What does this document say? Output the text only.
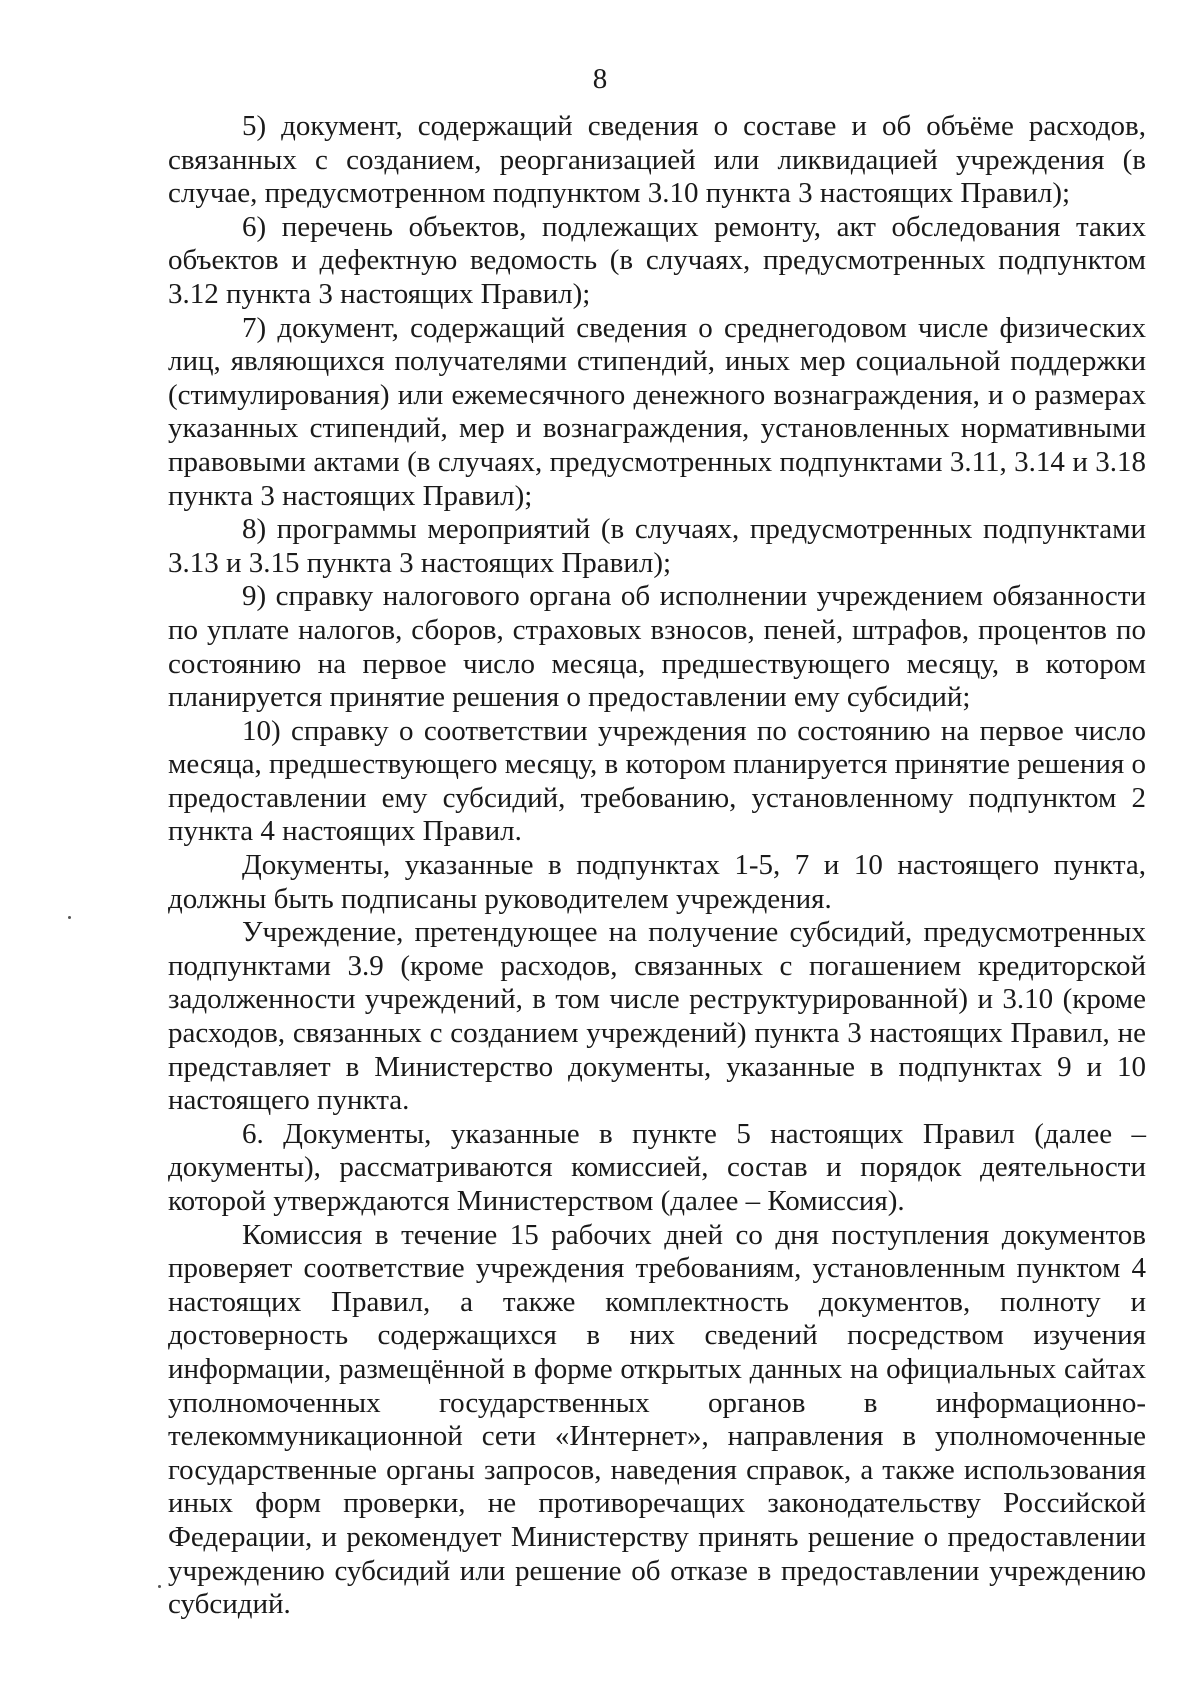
8

5) документ, содержащий сведения о составе и об объёме расходов, связанных с созданием, реорганизацией или ликвидацией учреждения (в случае, предусмотренном подпунктом 3.10 пункта 3 настоящих Правил);

6) перечень объектов, подлежащих ремонту, акт обследования таких объектов и дефектную ведомость (в случаях, предусмотренных подпунктом 3.12 пункта 3 настоящих Правил);

7) документ, содержащий сведения о среднегодовом числе физических лиц, являющихся получателями стипендий, иных мер социальной поддержки (стимулирования) или ежемесячного денежного вознаграждения, и о размерах указанных стипендий, мер и вознаграждения, установленных нормативными правовыми актами (в случаях, предусмотренных подпунктами 3.11, 3.14 и 3.18 пункта 3 настоящих Правил);

8) программы мероприятий (в случаях, предусмотренных подпунктами 3.13 и 3.15 пункта 3 настоящих Правил);

9) справку налогового органа об исполнении учреждением обязанности по уплате налогов, сборов, страховых взносов, пеней, штрафов, процентов по состоянию на первое число месяца, предшествующего месяцу, в котором планируется принятие решения о предоставлении ему субсидий;

10) справку о соответствии учреждения по состоянию на первое число месяца, предшествующего месяцу, в котором планируется принятие решения о предоставлении ему субсидий, требованию, установленному подпунктом 2 пункта 4 настоящих Правил.

Документы, указанные в подпунктах 1-5, 7 и 10 настоящего пункта, должны быть подписаны руководителем учреждения.

Учреждение, претендующее на получение субсидий, предусмотренных подпунктами 3.9 (кроме расходов, связанных с погашением кредиторской задолженности учреждений, в том числе реструктурированной) и 3.10 (кроме расходов, связанных с созданием учреждений) пункта 3 настоящих Правил, не представляет в Министерство документы, указанные в подпунктах 9 и 10 настоящего пункта.

6. Документы, указанные в пункте 5 настоящих Правил (далее – документы), рассматриваются комиссией, состав и порядок деятельности которой утверждаются Министерством (далее – Комиссия).

Комиссия в течение 15 рабочих дней со дня поступления документов проверяет соответствие учреждения требованиям, установленным пунктом 4 настоящих Правил, а также комплектность документов, полноту и достоверность содержащихся в них сведений посредством изучения информации, размещённой в форме открытых данных на официальных сайтах уполномоченных государственных органов в информационно-телекоммуникационной сети «Интернет», направления в уполномоченные государственные органы запросов, наведения справок, а также использования иных форм проверки, не противоречащих законодательству Российской Федерации, и рекомендует Министерству принять решение о предоставлении учреждению субсидий или решение об отказе в предоставлении учреждению субсидий.
